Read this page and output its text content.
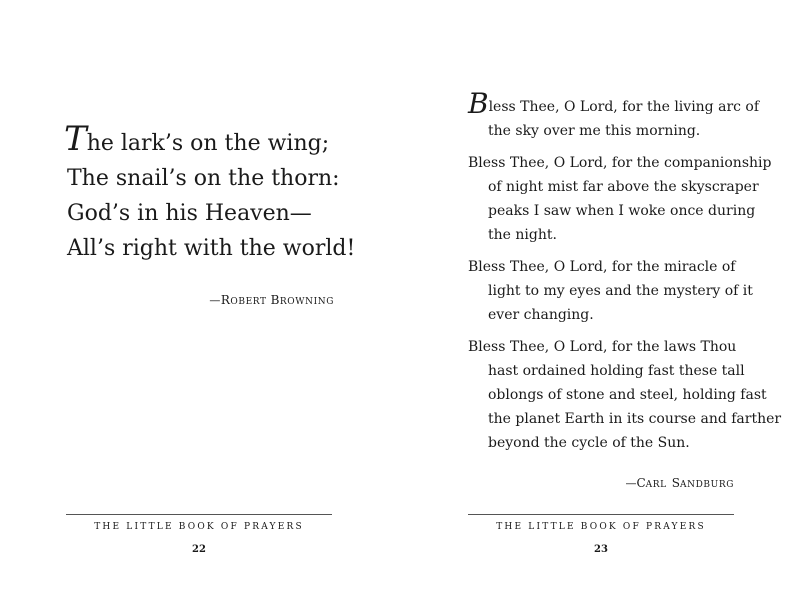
The lark’s on the wing;
The snail’s on the thorn:
God’s in his Heaven—
All’s right with the world!
—ROBERT BROWNING
THE LITTLE BOOK OF PRAYERS
22
Bless Thee, O Lord, for the living arc of
the sky over me this morning.
Bless Thee, O Lord, for the companionship
of night mist far above the skyscraper
peaks I saw when I woke once during
the night.
Bless Thee, O Lord, for the miracle of
light to my eyes and the mystery of it
ever changing.
Bless Thee, O Lord, for the laws Thou
hast ordained holding fast these tall
oblongs of stone and steel, holding fast
the planet Earth in its course and farther
beyond the cycle of the Sun.
—CARL SANDBURG
THE LITTLE BOOK OF PRAYERS
23
